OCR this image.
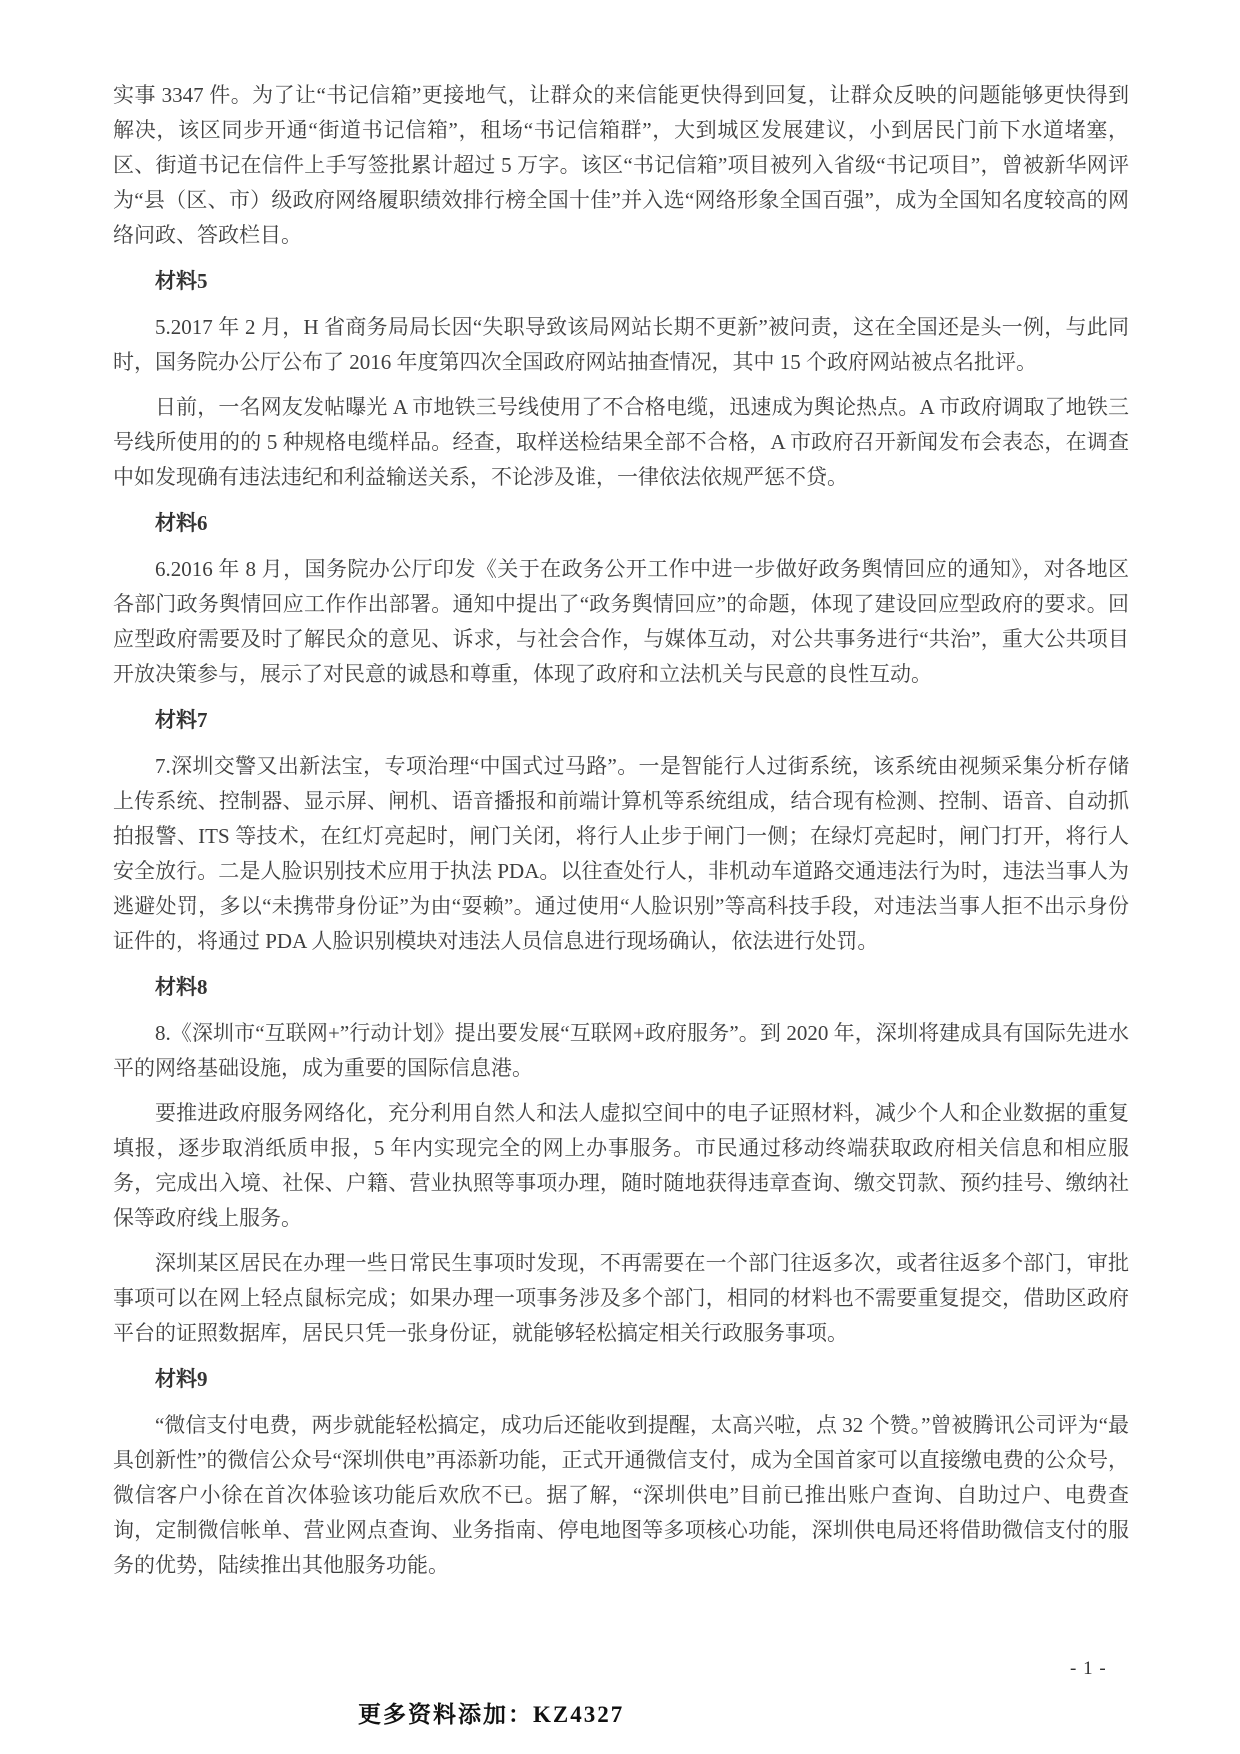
实事 3347 件。为了让“书记信箱”更接地气，让群众的来信能更快得到回复，让群众反映的问题能够更快得到解决，该区同步开通“街道书记信箱”，租场“书记信箱群”，大到城区发展建议，小到居民门前下水道堵塞，区、街道书记在信件上手写签批累计超过 5 万字。该区“书记信箱”项目被列入省级“书记项目”，曾被新华网评为“县（区、市）级政府网络履职绩效排行榜全国十佳”并入选“网络形象全国百强”，成为全国知名度较高的网络问政、答政栏目。

材料5

5.2017 年 2 月，H 省商务局局长因“失职导致该局网站长期不更新”被问责，这在全国还是头一例，与此同时，国务院办公厅公布了 2016 年度第四次全国政府网站抽查情况，其中 15 个政府网站被点名批评。

日前，一名网友发帖曝光 A 市地铁三号线使用了不合格电缆，迅速成为舆论热点。A 市政府调取了地铁三号线所使用的的 5 种规格电缆样品。经查，取样送检结果全部不合格，A 市政府召开新闻发布会表态，在调查中如发现确有违法违纪和利益输送关系，不论涉及谁，一律依法依规严惩不贷。

材料6

6.2016 年 8 月，国务院办公厅印发《关于在政务公开工作中进一步做好政务舆情回应的通知》，对各地区各部门政务舆情回应工作作出部署。通知中提出了“政务舆情回应”的命题，体现了建设回应型政府的要求。回应型政府需要及时了解民众的意见、诉求，与社会合作，与媒体互动，对公共事务进行“共治”，重大公共项目开放决策参与，展示了对民意的诚恳和尊重，体现了政府和立法机关与民意的良性互动。

材料7

7.深圳交警又出新法宝，专项治理“中国式过马路”。一是智能行人过街系统，该系统由视频采集分析存储上传系统、控制器、显示屏、闸机、语音播报和前端计算机等系统组成，结合现有检测、控制、语音、自动抓拍报警、ITS 等技术，在红灯亮起时，闸门关闭，将行人止步于闸门一侧；在绿灯亮起时，闸门打开，将行人安全放行。二是人脸识别技术应用于执法 PDA。以往查处行人，非机动车道路交通违法行为时，违法当事人为逃避处罚，多以“未携带身份证”为由“耍赖”。通过使用“人脸识别”等高科技手段，对违法当事人拒不出示身份证件的，将通过 PDA 人脸识别模块对违法人员信息进行现场确认，依法进行处罚。

材料8

8.《深圳市“互联网+”行动计划》提出要发展“互联网+政府服务”。到 2020 年，深圳将建成具有国际先进水平的网络基础设施，成为重要的国际信息港。

要推进政府服务网络化，充分利用自然人和法人虚拟空间中的电子证照材料，减少个人和企业数据的重复填报，逐步取消纸质申报，5 年内实现完全的网上办事服务。市民通过移动终端获取政府相关信息和相应服务，完成出入境、社保、户籍、营业执照等事项办理，随时随地获得违章查询、缴交罚款、预约挂号、缴纳社保等政府线上服务。

深圳某区居民在办理一些日常民生事项时发现，不再需要在一个部门往返多次，或者往返多个部门，审批事项可以在网上轻点鼠标完成；如果办理一项事务涉及多个部门，相同的材料也不需要重复提交，借助区政府平台的证照数据库，居民只凭一张身份证，就能够轻松搞定相关行政服务事项。

材料9

“微信支付电费，两步就能轻松搞定，成功后还能收到提醒，太高兴啦，点 32 个赞。”曾被腾讯公司评为“最具创新性”的微信公众号“深圳供电”再添新功能，正式开通微信支付，成为全国首家可以直接缴电费的公众号，微信客户小徐在首次体验该功能后欢欣不已。据了解，“深圳供电”目前已推出账户查询、自助过户、电费查询，定制微信帐单、营业网点查询、业务指南、停电地图等多项核心功能，深圳供电局还将借助微信支付的服务的优势，陆续推出其他服务功能。

- 1 -
更多资料添加：KZ4327
